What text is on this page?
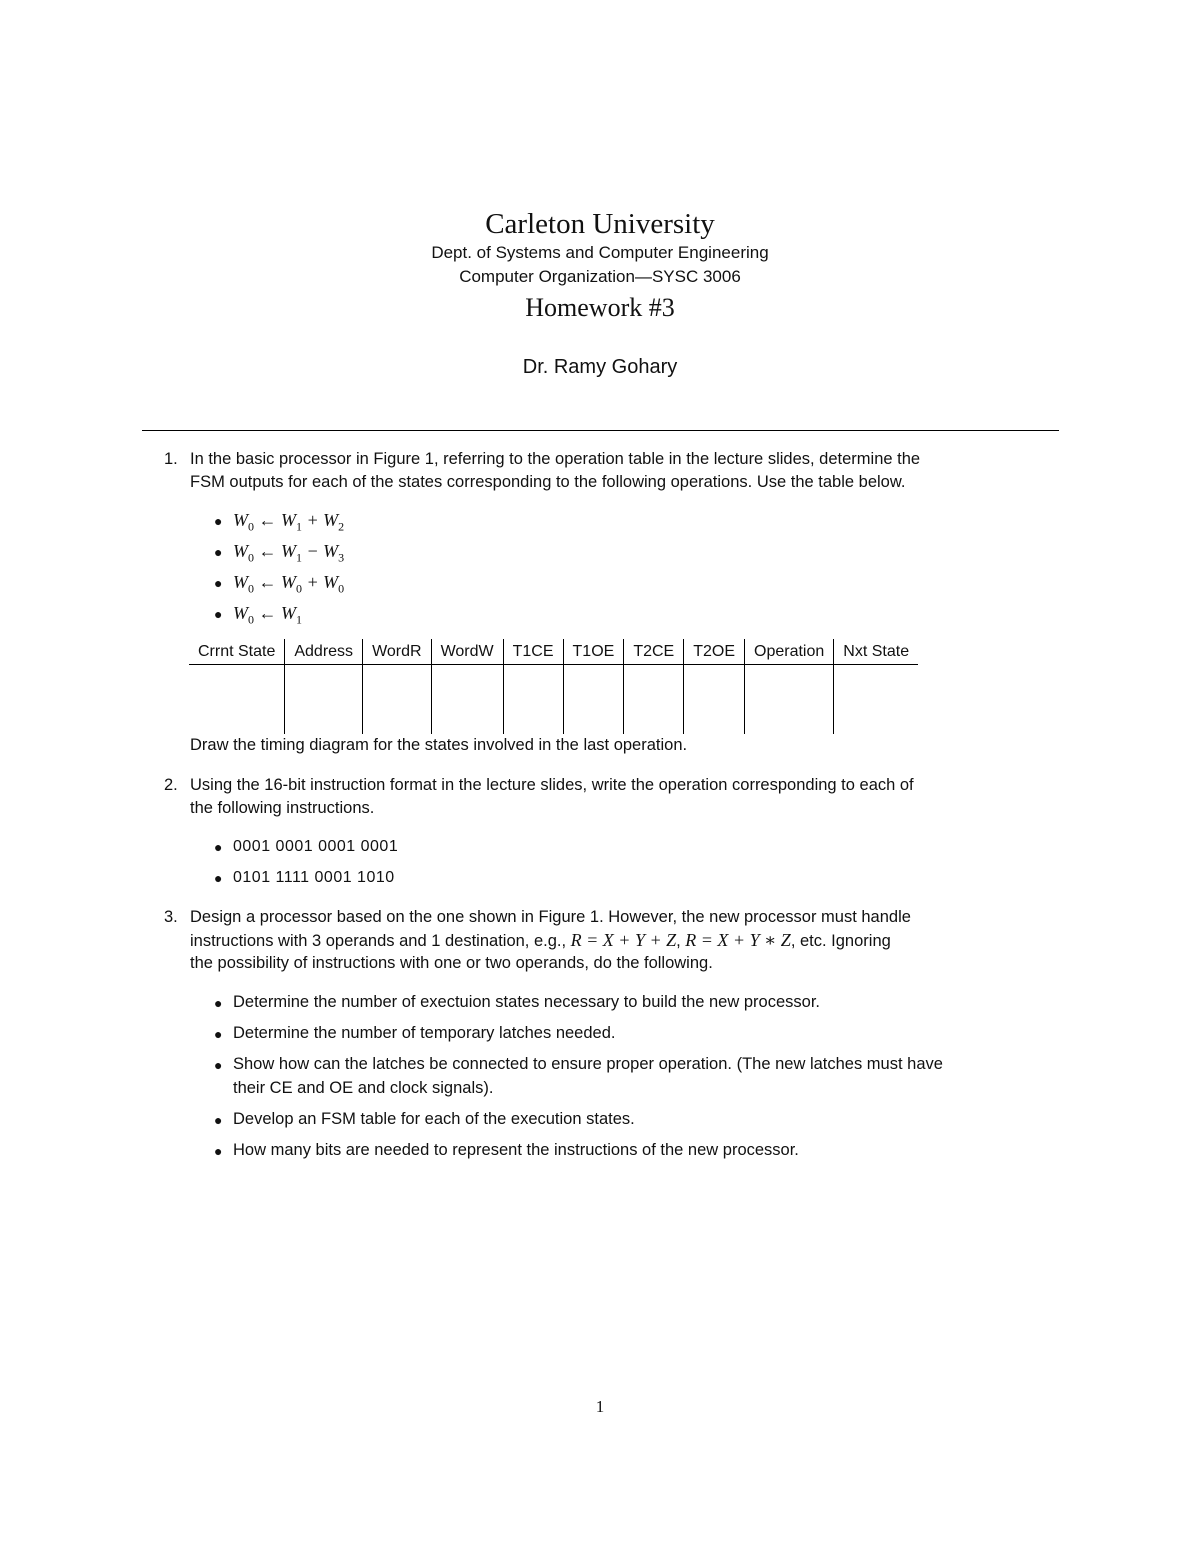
Carleton University
Dept. of Systems and Computer Engineering
Computer Organization—SYSC 3006
Homework #3
Dr. Ramy Gohary
1. In the basic processor in Figure 1, referring to the operation table in the lecture slides, determine the
FSM outputs for each of the states corresponding to the following operations. Use the table below.
● $W_0$ ← $W_1 + W_2$
● $W_0$ ← $W_1 - W_3$
● $W_0$ ← $W_0 + W_0$
● $W_0$ ← $W_1$
Crrnt State	Address	WordR	WordW	T1CE	T1OE	T2CE	T2OE	Operation	Nxt State

Draw the timing diagram for the states involved in the last operation.
2. Using the 16-bit instruction format in the lecture slides, write the operation corresponding to each of
the following instructions.
● 0001 0001 0001 0001
● 0101 1111 0001 1010
3. Design a processor based on the one shown in Figure 1. However, the new processor must handle
instructions with 3 operands and 1 destination, e.g., R = X + Y + Z, R = X + Y ∗ Z, etc. Ignoring
the possibility of instructions with one or two operands, do the following.
● Determine the number of exectuion states necessary to build the new processor.
● Determine the number of temporary latches needed.
● Show how can the latches be connected to ensure proper operation. (The new latches must have
their CE and OE and clock signals).
● Develop an FSM table for each of the execution states.
● How many bits are needed to represent the instructions of the new processor.
1
